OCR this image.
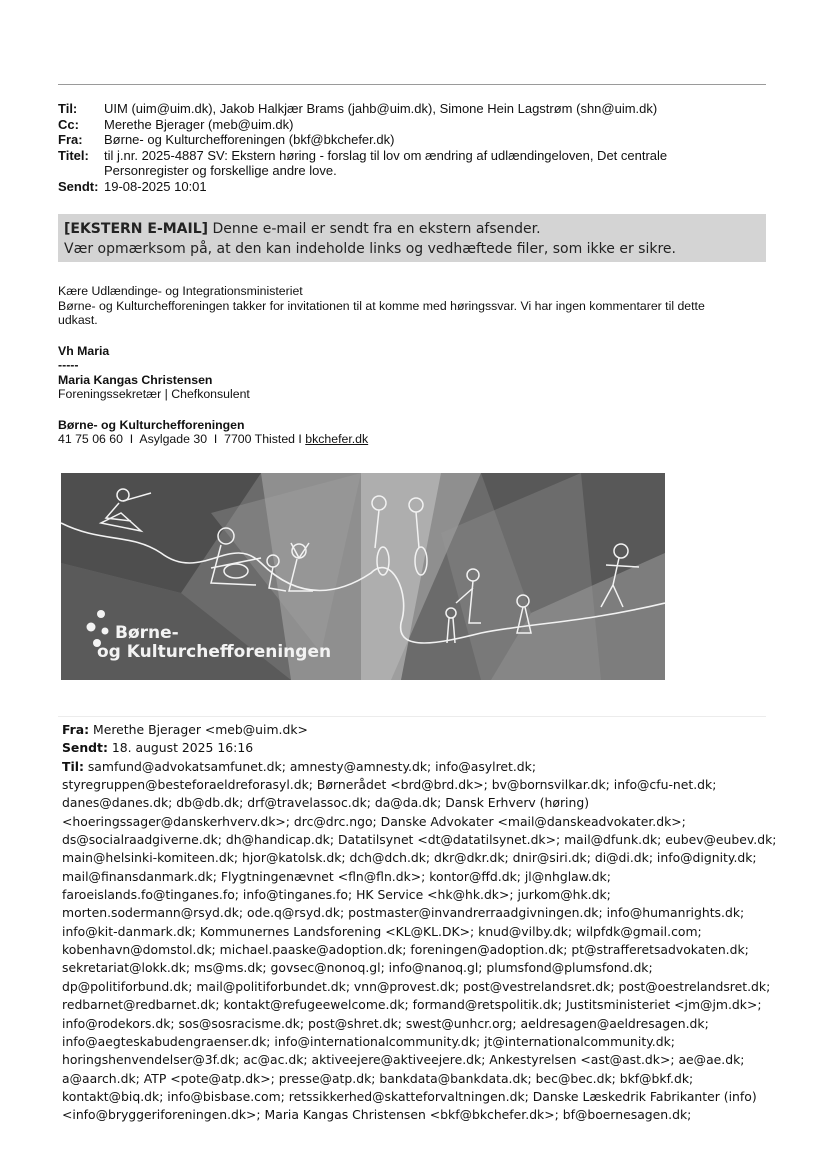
Til:	UIM (uim@uim.dk), Jakob Halkjær Brams (jahb@uim.dk), Simone Hein Lagstrøm (shn@uim.dk)
Cc:	Merethe Bjerager (meb@uim.dk)
Fra:	Børne- og Kulturchefforeningen (bkf@bkchefer.dk)
Titel:	til j.nr. 2025-4887 SV: Ekstern høring - forslag til lov om ændring af udlændingeloven, Det centrale
Personregister og forskellige andre love.
Sendt: 19-08-2025 10:01
[EKSTERN E-MAIL] Denne e-mail er sendt fra en ekstern afsender.
Vær opmærksom på, at den kan indeholde links og vedhæftede filer, som ikke er sikre.

Kære Udlændinge- og Integrationsministeriet

Børne- og Kulturchefforeningen takker for invitationen til at komme med høringssvar. Vi har ingen kommentarer til dette

udkast.

Vh Maria

-----

Maria Kangas Christensen

Foreningssekretær | Chefkonsulent

Børne- og Kulturchefforeningen

41 75 06 60  I  Asylgade 30  I  7700 Thisted I bkchefer.dk

Børne-
og Kulturchefforeningen
Fra: Merethe Bjerager <meb@uim.dk>
Sendt: 18. august 2025 16:16
Til: samfund@advokatsamfunet.dk; amnesty@amnesty.dk; info@asylret.dk;
styregruppen@besteforaeldreforasyl.dk; Børnerådet <brd@brd.dk>; bv@bornsvilkar.dk; info@cfu-net.dk;
danes@danes.dk; db@db.dk; drf@travelassoc.dk; da@da.dk; Dansk Erhverv (høring)
<hoeringssager@danskerhverv.dk>; drc@drc.ngo; Danske Advokater <mail@danskeadvokater.dk>;
ds@socialraadgiverne.dk; dh@handicap.dk; Datatilsynet <dt@datatilsynet.dk>; mail@dfunk.dk; eubev@eubev.dk;
main@helsinki-komiteen.dk; hjor@katolsk.dk; dch@dch.dk; dkr@dkr.dk; dnir@siri.dk; di@di.dk; info@dignity.dk;
mail@finansdanmark.dk; Flygtningenævnet <fln@fln.dk>; kontor@ffd.dk; jl@nhglaw.dk;
faroeislands.fo@tinganes.fo; info@tinganes.fo; HK Service <hk@hk.dk>; jurkom@hk.dk;
morten.sodermann@rsyd.dk; ode.q@rsyd.dk; postmaster@invandrerraadgivningen.dk; info@humanrights.dk;
info@kit-danmark.dk; Kommunernes Landsforening <KL@KL.DK>; knud@vilby.dk; wilpfdk@gmail.com;
kobenhavn@domstol.dk; michael.paaske@adoption.dk; foreningen@adoption.dk; pt@strafferetsadvokaten.dk;
sekretariat@lokk.dk; ms@ms.dk; govsec@nonoq.gl; info@nanoq.gl; plumsfond@plumsfond.dk;
dp@politiforbund.dk; mail@politiforbundet.dk; vnn@provest.dk; post@vestrelandsret.dk; post@oestrelandsret.dk;
redbarnet@redbarnet.dk; kontakt@refugeewelcome.dk; formand@retspolitik.dk; Justitsministeriet <jm@jm.dk>;
info@rodekors.dk; sos@sosracisme.dk; post@shret.dk; swest@unhcr.org; aeldresagen@aeldresagen.dk;
info@aegteskabudengraenser.dk; info@internationalcommunity.dk; jt@internationalcommunity.dk;
horingshenvendelser@3f.dk; ac@ac.dk; aktiveejere@aktiveejere.dk; Ankestyrelsen <ast@ast.dk>; ae@ae.dk;
a@aarch.dk; ATP <pote@atp.dk>; presse@atp.dk; bankdata@bankdata.dk; bec@bec.dk; bkf@bkf.dk;
kontakt@biq.dk; info@bisbase.com; retssikkerhed@skatteforvaltningen.dk; Danske Læskedrik Fabrikanter (info)
<info@bryggeriforeningen.dk>; Maria Kangas Christensen <bkf@bkchefer.dk>; bf@boernesagen.dk;
